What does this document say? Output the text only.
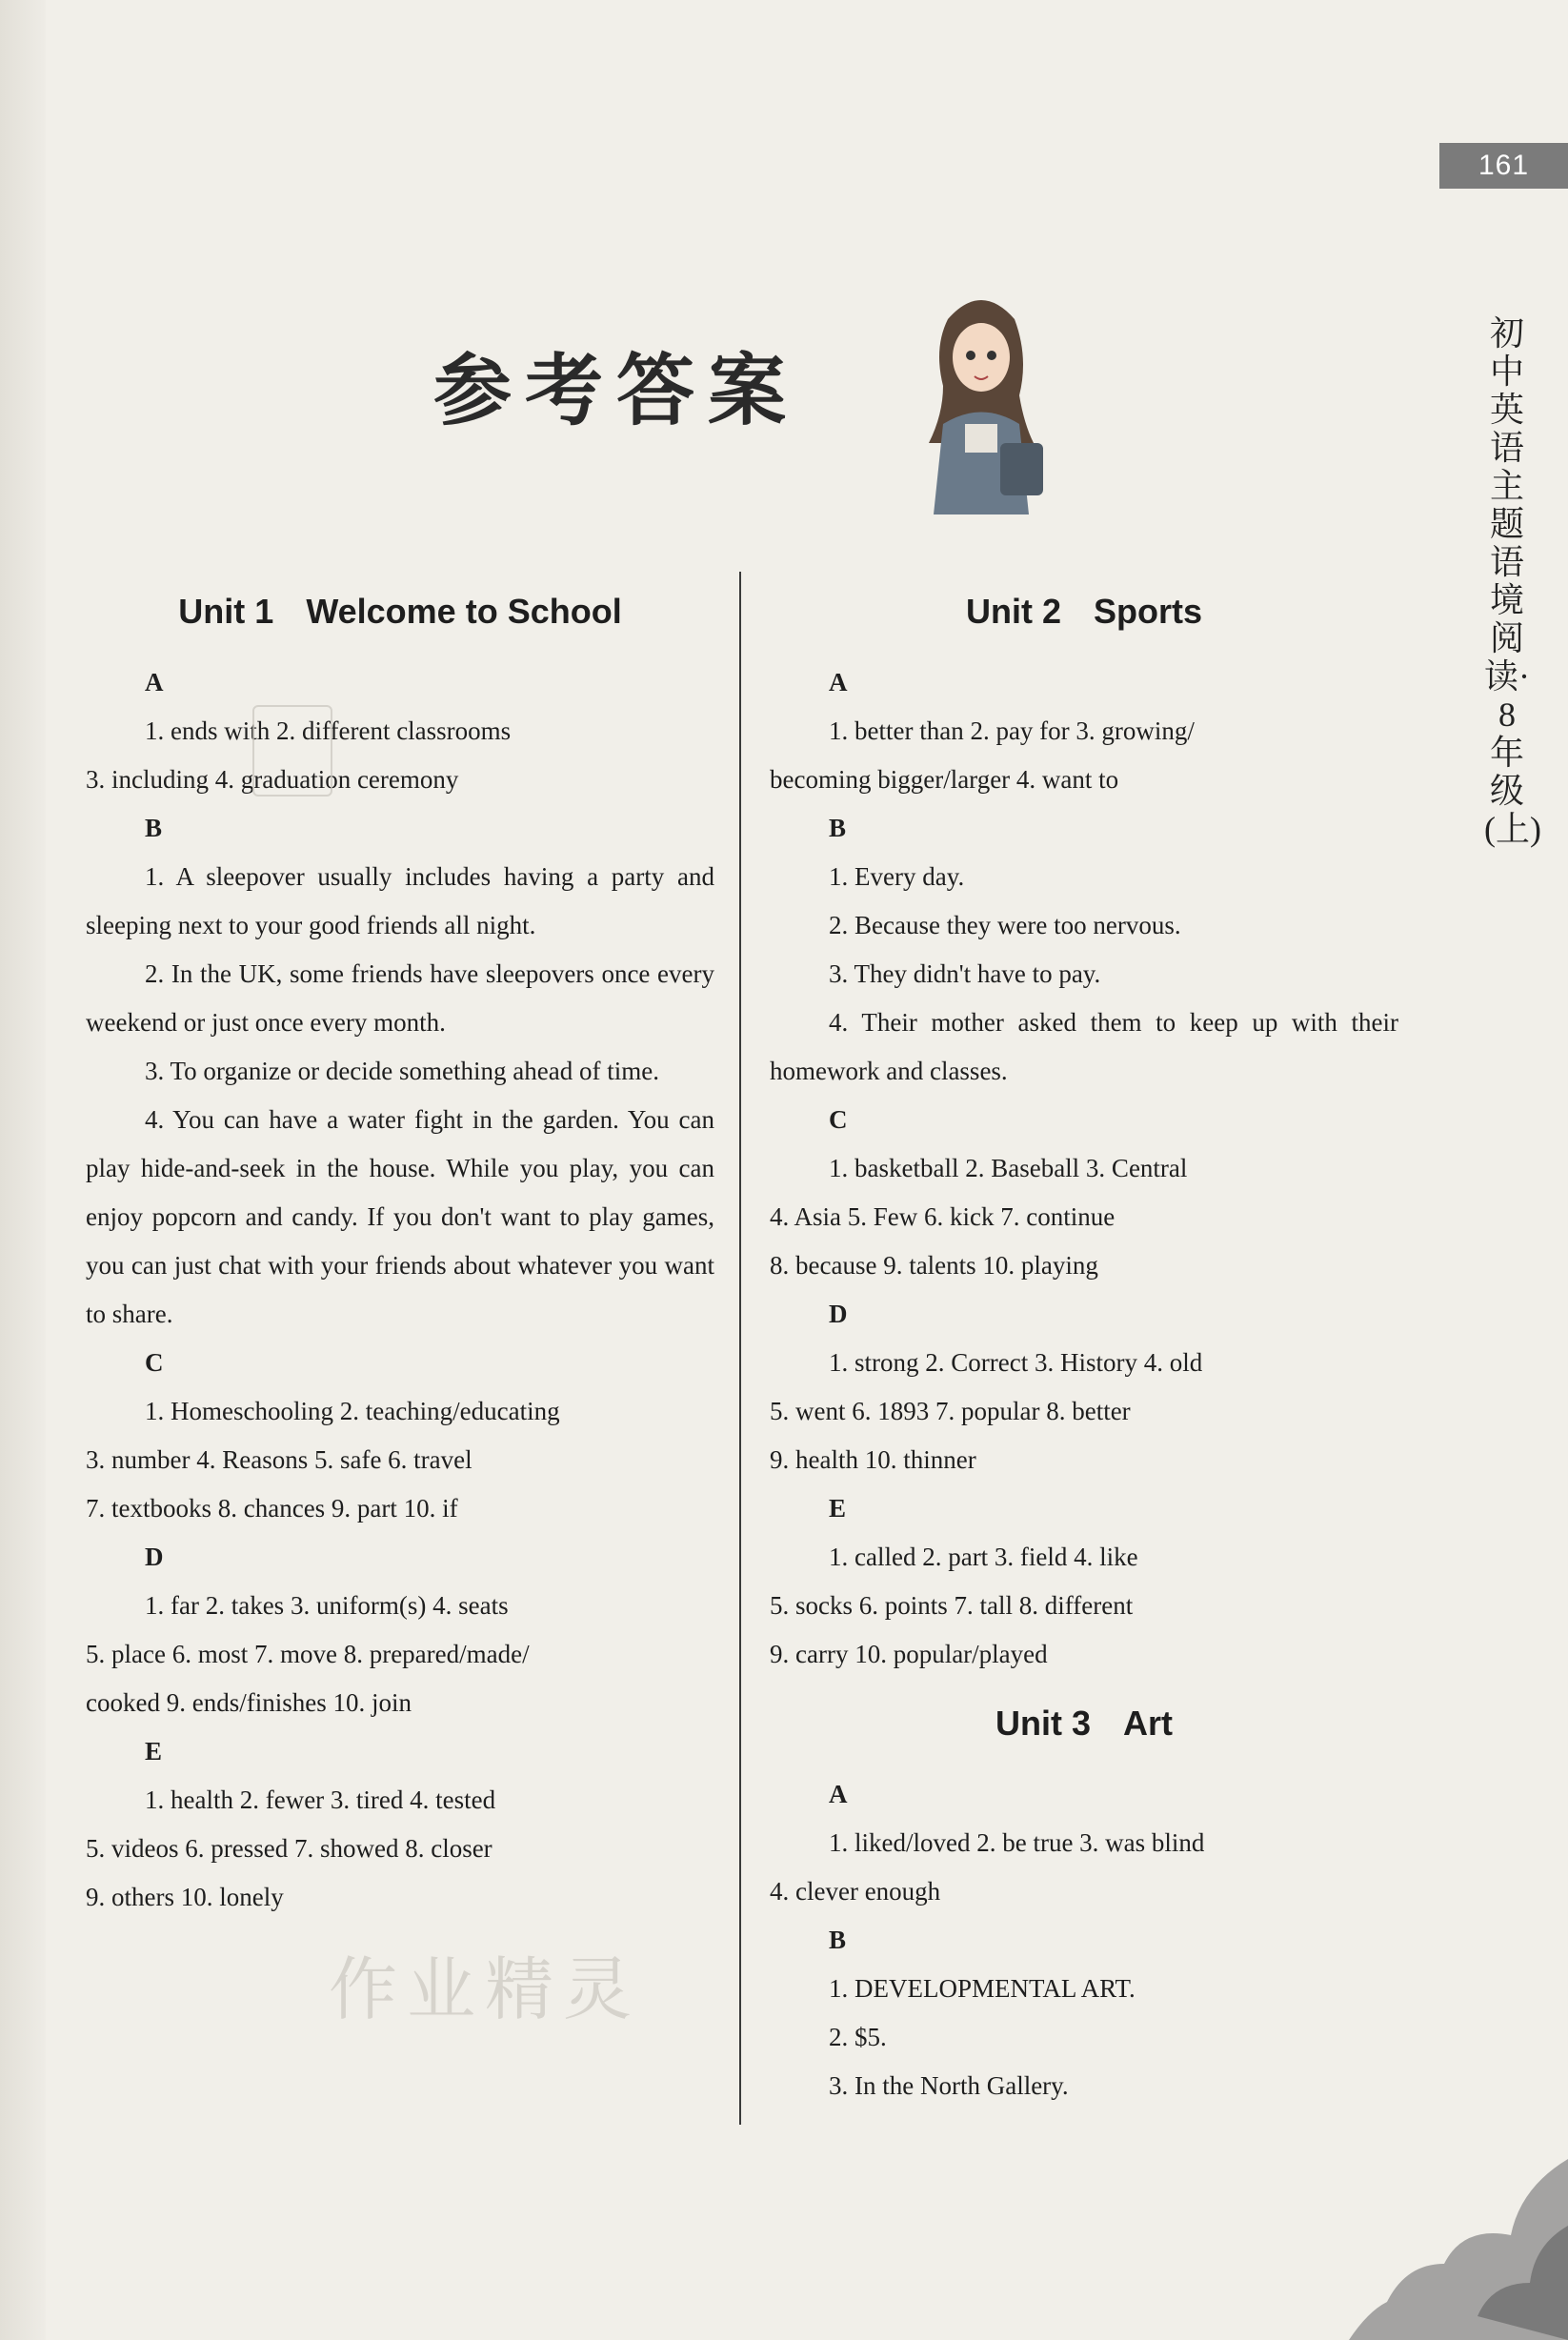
161
初中英语主题语境阅读·8年级(上)
参考答案
Unit 1 Welcome to School
A
1. ends with 2. different classrooms
3. including 4. graduation ceremony
B
1. A sleepover usually includes having a party and sleeping next to your good friends all night.
2. In the UK, some friends have sleepovers once every weekend or just once every month.
3. To organize or decide something ahead of time.
4. You can have a water fight in the garden. You can play hide-and-seek in the house. While you play, you can enjoy popcorn and candy. If you don't want to play games, you can just chat with your friends about whatever you want to share.
C
1. Homeschooling 2. teaching/educating
3. number 4. Reasons 5. safe 6. travel
7. textbooks 8. chances 9. part 10. if
D
1. far 2. takes 3. uniform(s) 4. seats
5. place 6. most 7. move 8. prepared/made/
cooked 9. ends/finishes 10. join
E
1. health 2. fewer 3. tired 4. tested
5. videos 6. pressed 7. showed 8. closer
9. others 10. lonely
Unit 2 Sports
A
1. better than 2. pay for 3. growing/
becoming bigger/larger 4. want to
B
1. Every day.
2. Because they were too nervous.
3. They didn't have to pay.
4. Their mother asked them to keep up with their homework and classes.
C
1. basketball 2. Baseball 3. Central
4. Asia 5. Few 6. kick 7. continue
8. because 9. talents 10. playing
D
1. strong 2. Correct 3. History 4. old
5. went 6. 1893 7. popular 8. better
9. health 10. thinner
E
1. called 2. part 3. field 4. like
5. socks 6. points 7. tall 8. different
9. carry 10. popular/played
Unit 3 Art
A
1. liked/loved 2. be true 3. was blind
4. clever enough
B
1. DEVELOPMENTAL ART.
2. $5.
3. In the North Gallery.
作业精灵
